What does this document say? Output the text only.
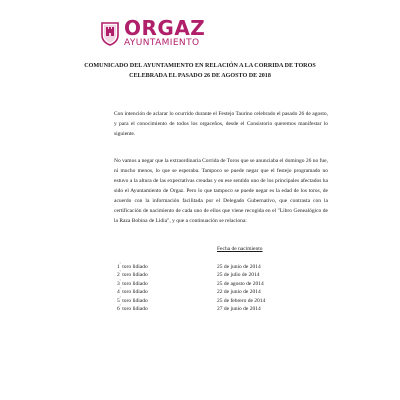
ORGAZ
AYUNTAMIENTO
COMUNICADO DEL AYUNTAMIENTO EN RELACIÓN A LA CORRIDA DE TOROS
CELEBRADA EL PASADO 26 DE AGOSTO DE 2018
Con intención de aclarar lo ocurrido durante el Festejo Taurino celebrado el pasado 26 de agosto, y para el conocimiento de todos los orgaceños, desde el Consistorio queremos manifestar lo siguiente.
No vamos a negar que la extraordinaria Corrida de Toros que se anunciaba el domingo 26 no fue, ni mucho menos, lo que se esperaba. Tampoco se puede negar que el festejo programado no estuvo a la altura de las expectativas creadas y en ese sentido uno de los principales afectados ha sido el Ayuntamiento de Orgaz. Pero lo que tampoco se puede negar es la edad de los toros, de acuerdo con la información facilitada por el Delegado Gubernativo, que contrasta con la certificación de nacimiento de cada uno de ellos que viene recogida en el "Libro Genealógico de la Raza Bobina de Lidia", y que a continuación se relaciona:
Fecha de nacimiento
$1^º$ toro lidiado	25 de junio de 2014
$2^º$ toro lidiado	25 de julio de 2014
$3^º$ toro lidiado	25 de agosto de 2014
$4^º$ toro lidiado	22 de junio de 2014
$5^º$ toro lidiado	25 de febrero de 2014
$6^º$ toro lidiado	27 de junio de 2014
